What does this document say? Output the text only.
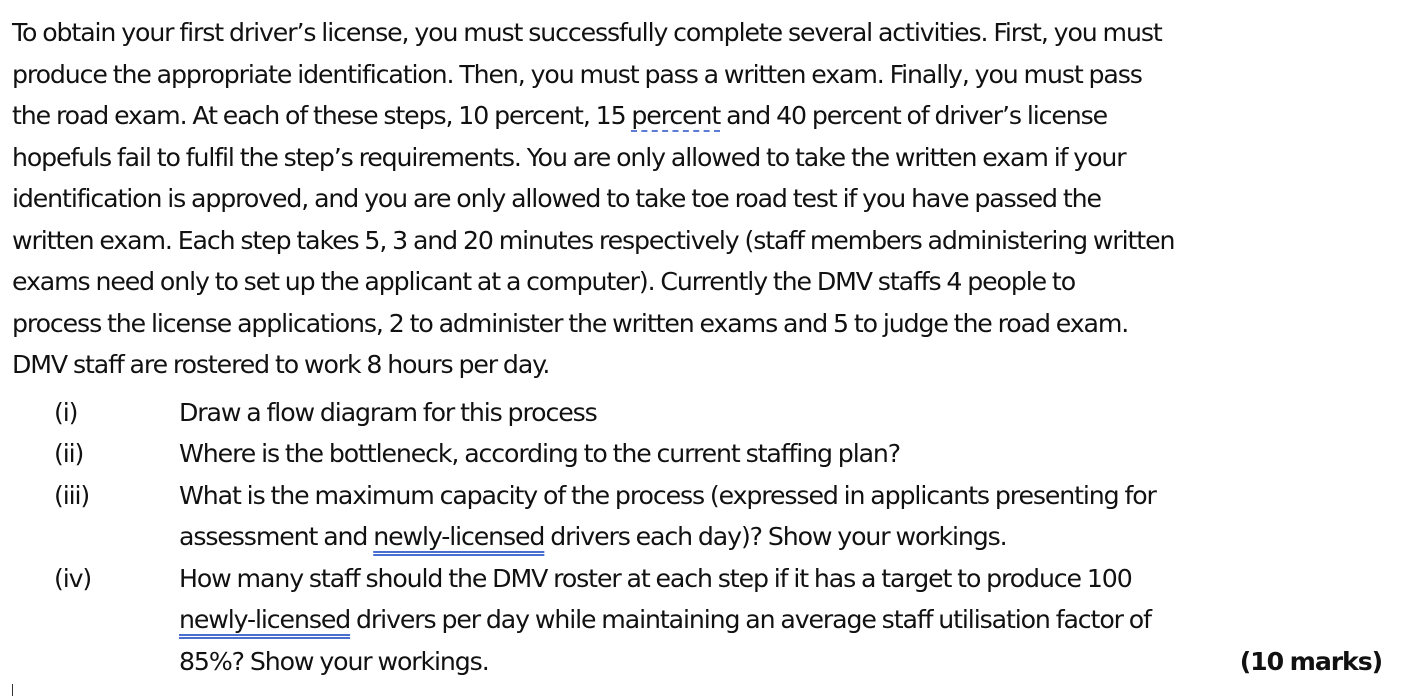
To obtain your first driver’s license, you must successfully complete several activities. First, you must
produce the appropriate identification. Then, you must pass a written exam. Finally, you must pass
the road exam. At each of these steps, 10 percent, 15 percent and 40 percent of driver’s license
hopefuls fail to fulfil the step’s requirements. You are only allowed to take the written exam if your
identification is approved, and you are only allowed to take toe road test if you have passed the
written exam. Each step takes 5, 3 and 20 minutes respectively (staff members administering written
exams need only to set up the applicant at a computer). Currently the DMV staffs 4 people to
process the license applications, 2 to administer the written exams and 5 to judge the road exam.
DMV staff are rostered to work 8 hours per day.

(i)	Draw a flow diagram for this process
(ii)	Where is the bottleneck, according to the current staffing plan?
(iii)	What is the maximum capacity of the process (expressed in applicants presenting for
assessment and newly-licensed drivers each day)? Show your workings.
(iv)	How many staff should the DMV roster at each step if it has a target to produce 100
newly-licensed drivers per day while maintaining an average staff utilisation factor of
85%? Show your workings.	(10 marks)
